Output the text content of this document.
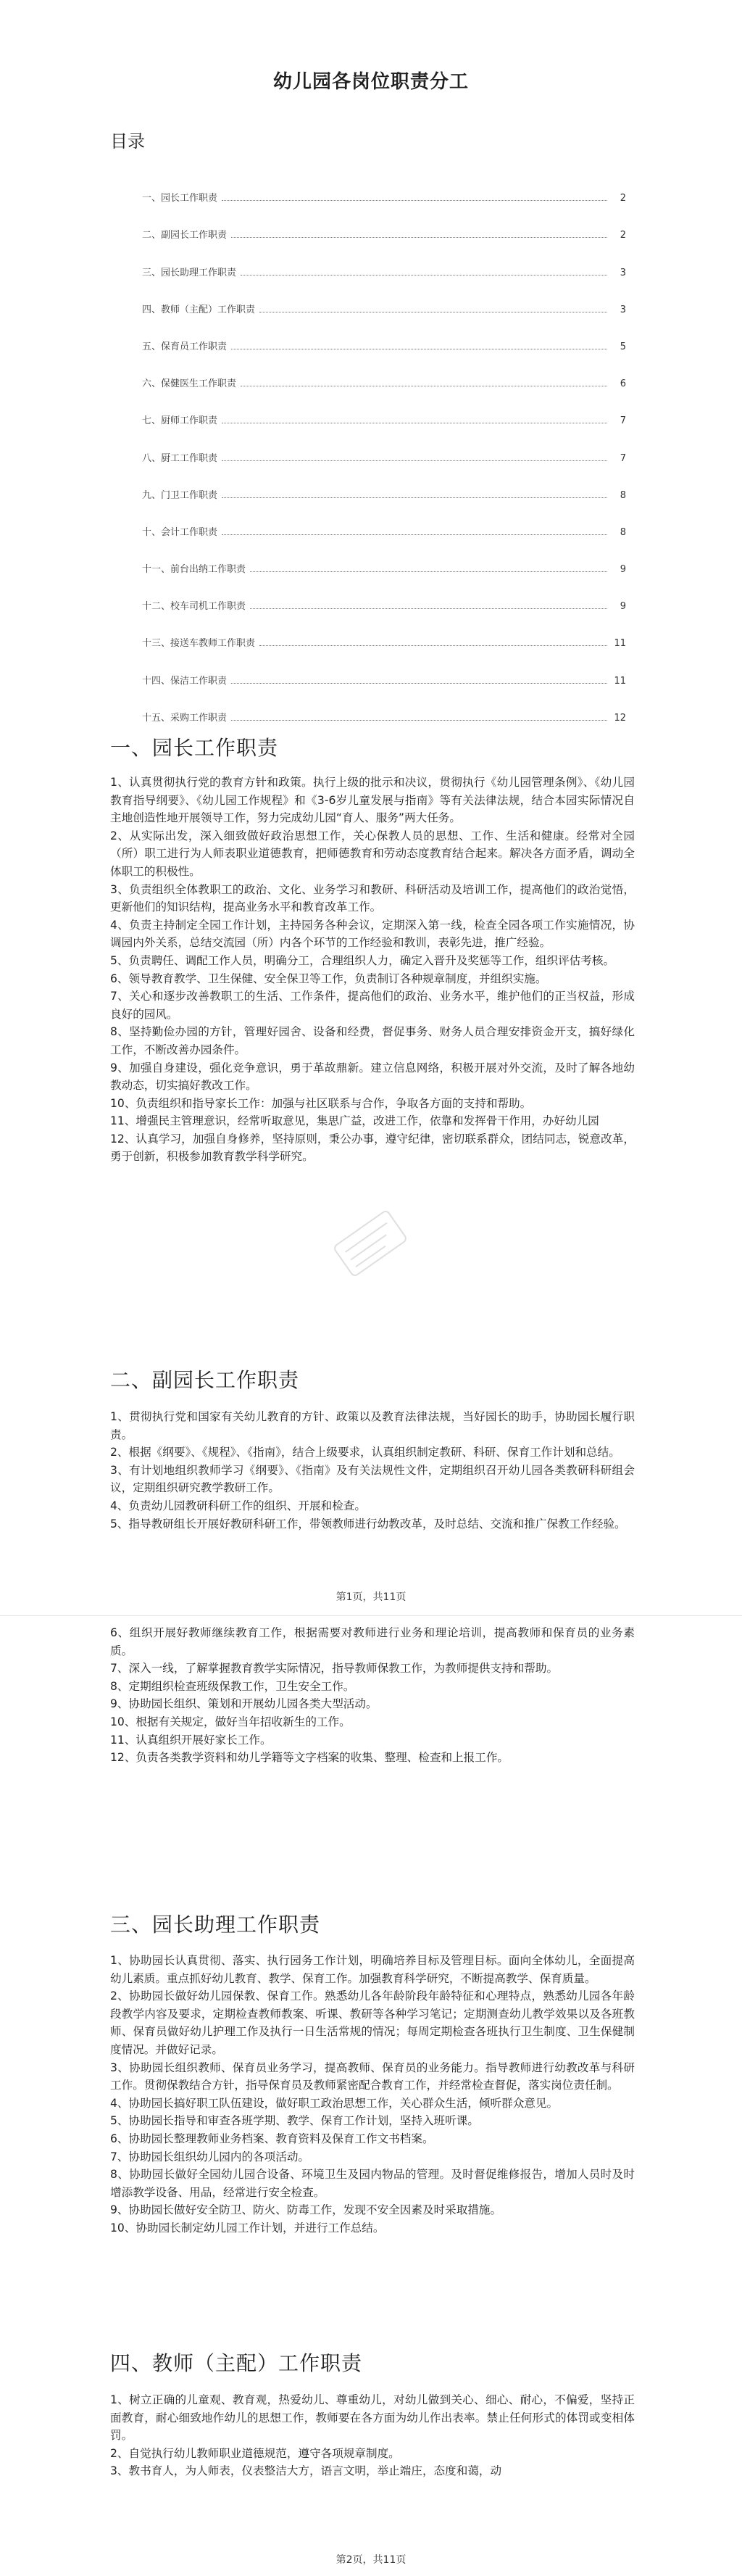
幼儿园各岗位职责分工
目录
一、园长工作职责	2
二、副园长工作职责	2
三、园长助理工作职责	3
四、教师（主配）工作职责	3
五、保育员工作职责	5
六、保健医生工作职责	6
七、厨师工作职责	7
八、厨工工作职责	7
九、门卫工作职责	8
十、会计工作职责	8
十一、前台出纳工作职责	9
十二、校车司机工作职责	9
十三、接送车教师工作职责	11
十四、保洁工作职责	11
十五、采购工作职责	12
一、园长工作职责

1、认真贯彻执行党的教育方针和政策。执行上级的批示和决议，贯彻执行《幼儿园管理条例》、《幼儿园教育指导纲要》、《幼儿园工作规程》和《3-6岁儿童发展与指南》等有关法律法规，结合本园实际情况自主地创造性地开展领导工作，努力完成幼儿园“育人、服务”两大任务。

2、从实际出发，深入细致做好政治思想工作，关心保教人员的思想、工作、生活和健康。经常对全园（所）职工进行为人师表职业道德教育，把师德教育和劳动态度教育结合起来。解决各方面矛盾，调动全体职工的积极性。

3、负责组织全体教职工的政治、文化、业务学习和教研、科研活动及培训工作，提高他们的政治觉悟，更新他们的知识结构，提高业务水平和教育改革工作。

4、负责主持制定全园工作计划，主持园务各种会议，定期深入第一线，检查全园各项工作实施情况，协调园内外关系，总结交流园（所）内各个环节的工作经验和教训，表彰先进，推广经验。

5、负责聘任、调配工作人员，明确分工，合理组织人力，确定入晋升及奖惩等工作，组织评估考核。

6、领导教育教学、卫生保健、安全保卫等工作，负责制订各种规章制度，并组织实施。

7、关心和逐步改善教职工的生活、工作条件，提高他们的政治、业务水平，维护他们的正当权益，形成良好的园风。

8、坚持勤俭办园的方针，管理好园舍、设备和经费，督促事务、财务人员合理安排资金开支，搞好绿化工作，不断改善办园条件。

9、加强自身建设，强化竞争意识，勇于革故鼎新。建立信息网络，积极开展对外交流，及时了解各地幼教动态，切实搞好教改工作。

10、负责组织和指导家长工作：加强与社区联系与合作，争取各方面的支持和帮助。

11、增强民主管理意识，经常听取意见，集思广益，改进工作，依靠和发挥骨干作用，办好幼儿园

12、认真学习，加强自身修养，坚持原则，秉公办事，遵守纪律，密切联系群众，团结同志，锐意改革，勇于创新，积极参加教育教学科学研究。

二、副园长工作职责

1、贯彻执行党和国家有关幼儿教育的方针、政策以及教育法律法规，当好园长的助手，协助园长履行职责。

2、根据《纲要》、《规程》、《指南》，结合上级要求，认真组织制定教研、科研、保育工作计划和总结。

3、有计划地组织教师学习《纲要》、《指南》及有关法规性文件，定期组织召开幼儿园各类教研科研组会议，定期组织研究教学教研工作。

4、负责幼儿园教研科研工作的组织、开展和检查。

5、指导教研组长开展好教研科研工作，带领教师进行幼教改革，及时总结、交流和推广保教工作经验。

第1页，共11页

6、组织开展好教师继续教育工作，根据需要对教师进行业务和理论培训，提高教师和保育员的业务素质。

7、深入一线，了解掌握教育教学实际情况，指导教师保教工作，为教师提供支持和帮助。

8、定期组织检查班级保教工作，卫生安全工作。

9、协助园长组织、策划和开展幼儿园各类大型活动。

10、根据有关规定，做好当年招收新生的工作。

11、认真组织开展好家长工作。

12、负责各类教学资料和幼儿学籍等文字档案的收集、整理、检查和上报工作。

三、园长助理工作职责

1、协助园长认真贯彻、落实、执行园务工作计划，明确培养目标及管理目标。面向全体幼儿，全面提高幼儿素质。重点抓好幼儿教育、教学、保育工作。加强教育科学研究，不断提高教学、保育质量。

2、协助园长做好幼儿园保教、保育工作。熟悉幼儿各年龄阶段年龄特征和心理特点，熟悉幼儿园各年龄段教学内容及要求，定期检查教师教案、听课、教研等各种学习笔记；定期测查幼儿教学效果以及各班教师、保育员做好幼儿护理工作及执行一日生活常规的情况；每周定期检查各班执行卫生制度、卫生保健制度情况。并做好记录。

3、协助园长组织教师、保育员业务学习，提高教师、保育员的业务能力。指导教师进行幼教改革与科研工作。贯彻保教结合方针，指导保育员及教师紧密配合教育工作，并经常检查督促，落实岗位责任制。

4、协助园长搞好职工队伍建设，做好职工政治思想工作，关心群众生活，倾听群众意见。

5、协助园长指导和审查各班学期、教学、保育工作计划，坚持入班听课。

6、协助园长整理教师业务档案、教育资料及保育工作文书档案。

7、协助园长组织幼儿园内的各项活动。

8、协助园长做好全园幼儿园合设备、环境卫生及园内物品的管理。及时督促维修报告，增加人员时及时增添教学设备、用品，经常进行安全检查。

9、协助园长做好安全防卫、防火、防毒工作，发现不安全因素及时采取措施。

10、协助园长制定幼儿园工作计划，并进行工作总结。

四、教师（主配）工作职责

1、树立正确的儿童观、教育观，热爱幼儿、尊重幼儿，对幼儿做到关心、细心、耐心，不偏爱，坚持正面教育，耐心细致地作幼儿的思想工作，教师要在各方面为幼儿作出表率。禁止任何形式的体罚或变相体罚。

2、自觉执行幼儿教师职业道德规范，遵守各项规章制度。

3、教书育人，为人师表，仪表整洁大方，语言文明，举止端庄，态度和蔼，动

第2页，共11页
